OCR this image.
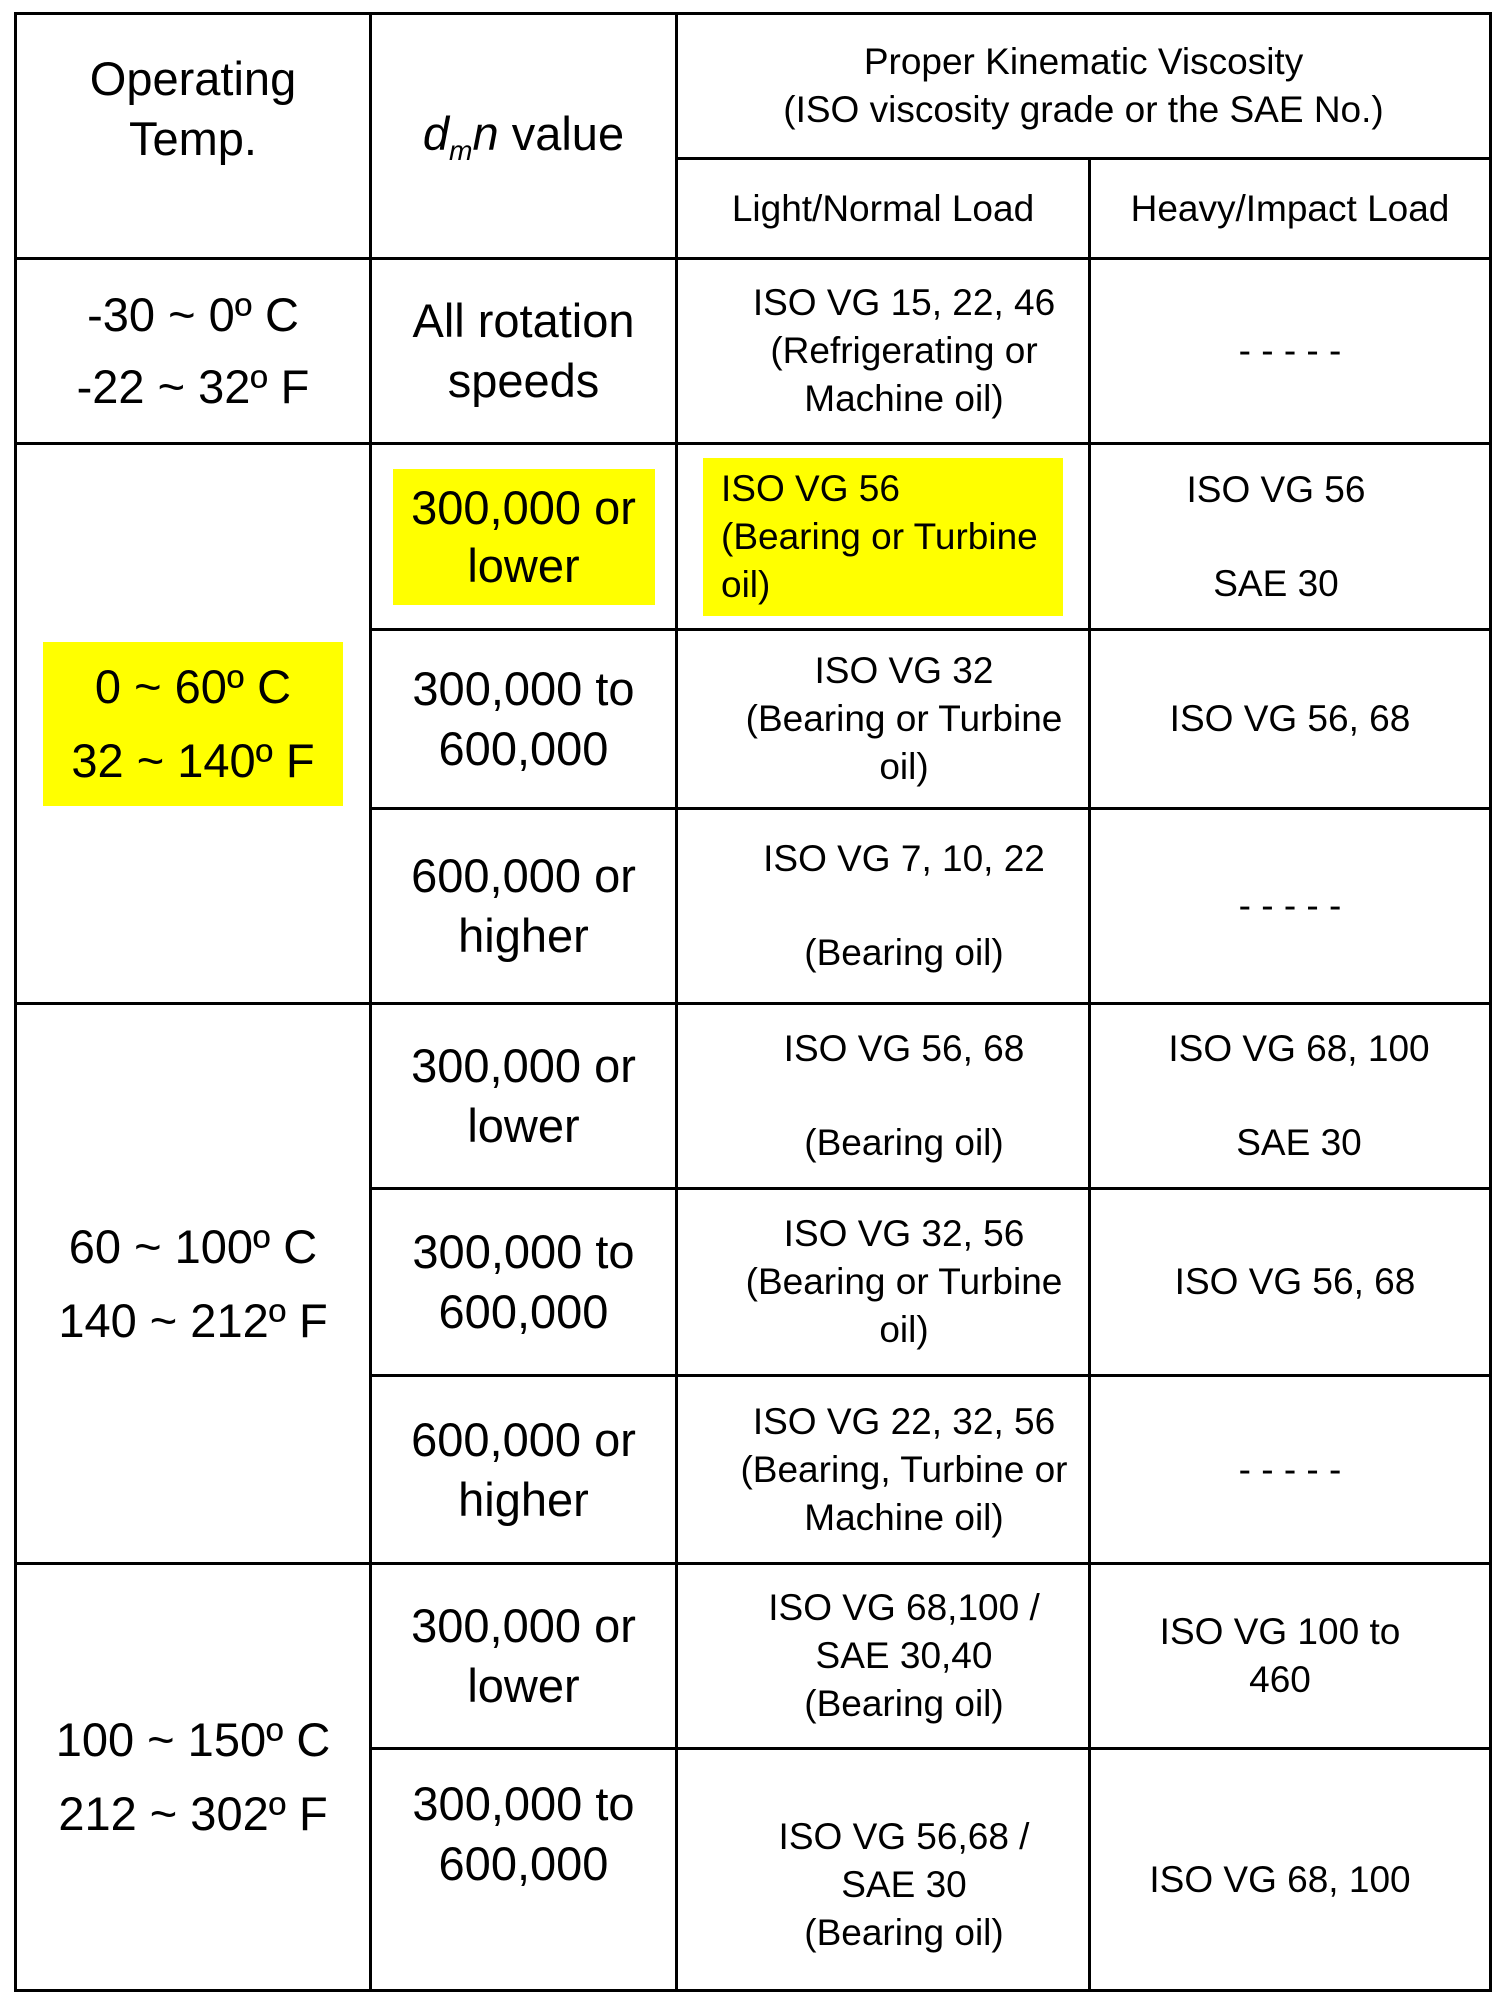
Operating
Temp.	$d_mn$ value
Proper Kinematic Viscosity
(ISO viscosity grade or the SAE No.)
Light/Normal Load	Heavy/Impact Load
-30 ~ 0º C
-22 ~ 32º F
0 ~ 60º C
32 ~ 140º F
60 ~ 100º C
140 ~ 212º F
100 ~ 150º C
212 ~ 302º F
All rotation
speeds
ISO VG 15, 22, 46
(Refrigerating or
Machine oil)
- - - - -
300,000 or
lower
ISO VG 56
(Bearing or Turbine
oil)
ISO VG 56
SAE 30
300,000 to
600,000
ISO VG 32
(Bearing or Turbine
oil)
ISO VG 56, 68
600,000 or
higher
ISO VG 7, 10, 22
(Bearing oil)
- - - - -
300,000 or
lower
ISO VG 56, 68
(Bearing oil)
ISO VG 68, 100
SAE 30
300,000 to
600,000
ISO VG 32, 56
(Bearing or Turbine
oil)
ISO VG 56, 68
600,000 or
higher
ISO VG 22, 32, 56
(Bearing, Turbine or
Machine oil)
- - - - -
300,000 or
lower
ISO VG 68,100 /
SAE 30,40
(Bearing oil)
ISO VG 100 to
460
300,000 to
600,000
ISO VG 56,68 /
SAE 30
(Bearing oil)
ISO VG 68, 100
